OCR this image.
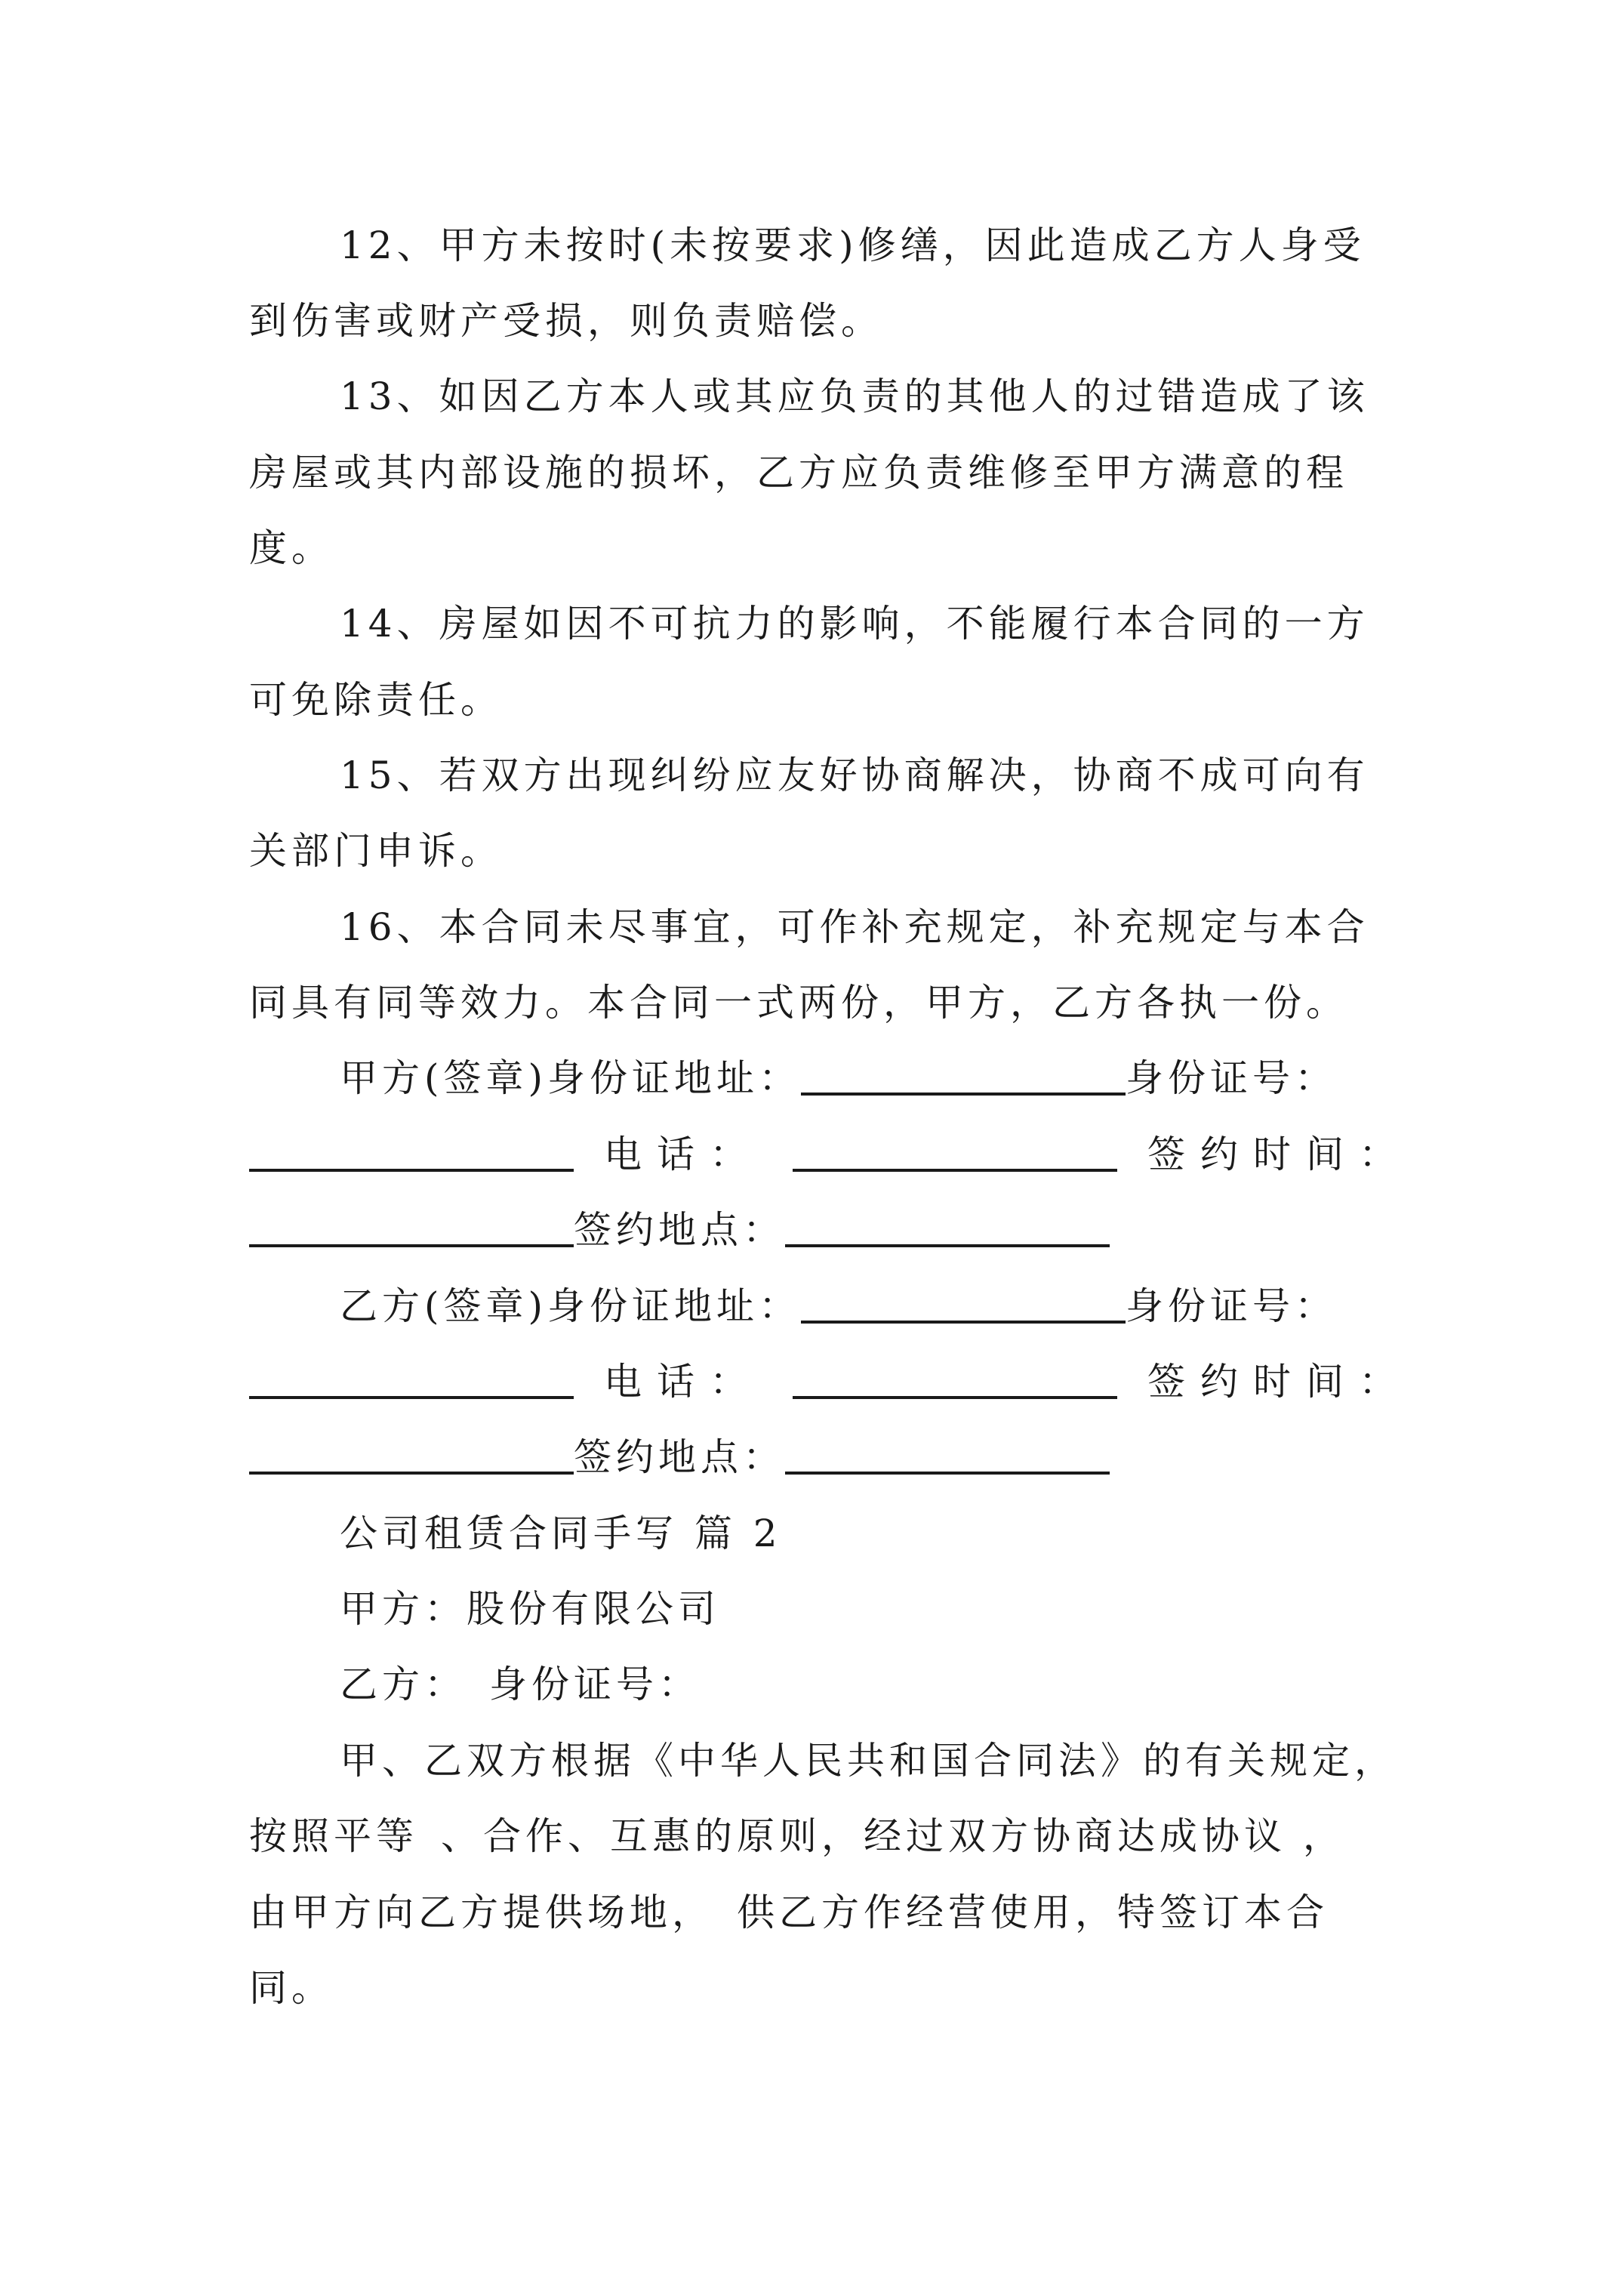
12、甲方未按时(未按要求)修缮，因此造成乙方人身受
到伤害或财产受损，则负责赔偿。
13、如因乙方本人或其应负责的其他人的过错造成了该
房屋或其内部设施的损坏，乙方应负责维修至甲方满意的程
度。
14、房屋如因不可抗力的影响，不能履行本合同的一方
可免除责任。
15、若双方出现纠纷应友好协商解决，协商不成可向有
关部门申诉。
16、本合同未尽事宜，可作补充规定，补充规定与本合
同具有同等效力。本合同一式两份，甲方，乙方各执一份。
甲方(签章)身份证地址：	身份证号：
电话：	签约时间：
签约地点：
乙方(签章)身份证地址：	身份证号：
电话：	签约时间：
签约地点：
公司租赁合同手写 篇 2
甲方：股份有限公司
乙方： 身份证号：
甲、乙双方根据《中华人民共和国合同法》的有关规定，
按照平等 、合作、互惠的原则，经过双方协商达成协议 ，
由甲方向乙方提供场地， 供乙方作经营使用，特签订本合
同。
